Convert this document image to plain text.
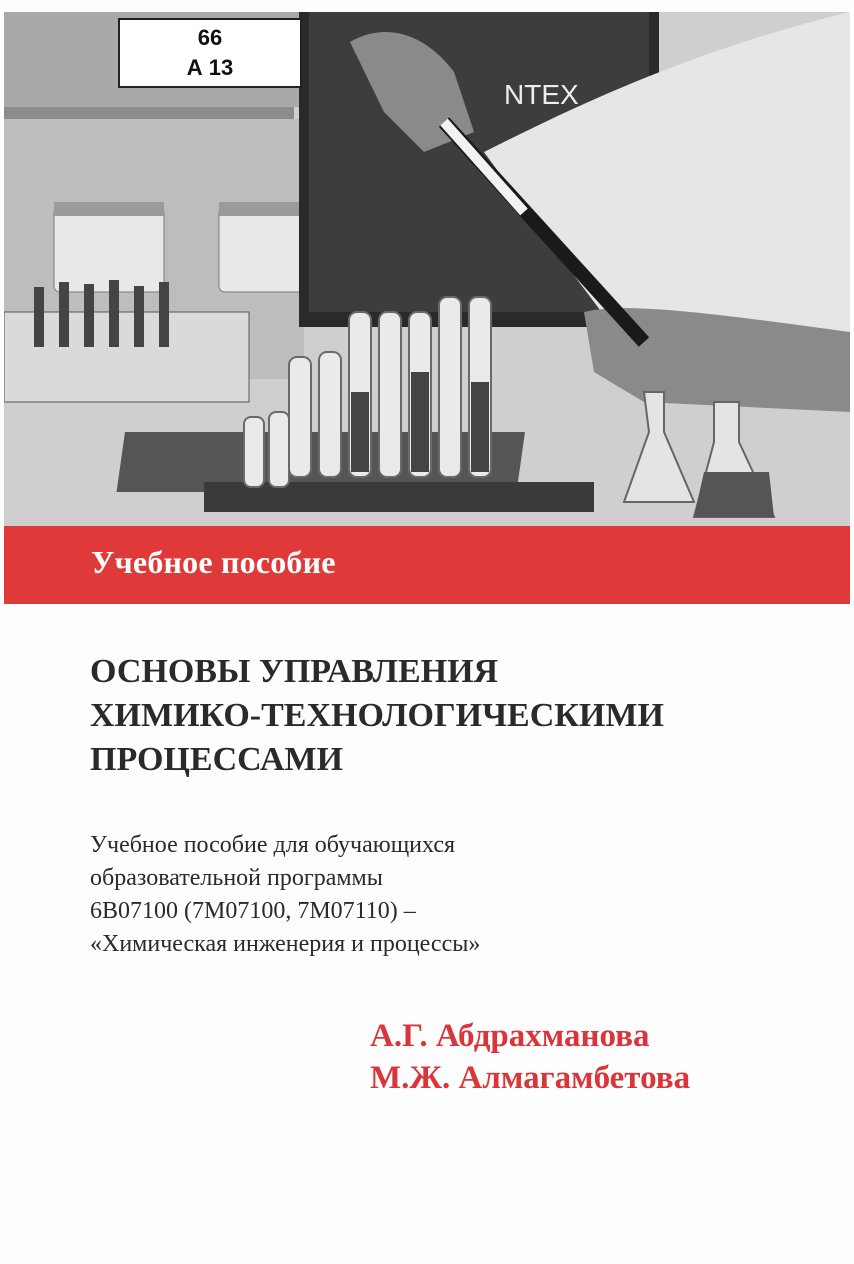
NTEX
66
А 13
Учебное пособие
ОСНОВЫ УПРАВЛЕНИЯ
ХИМИКО-ТЕХНОЛОГИЧЕСКИМИ
ПРОЦЕССАМИ
Учебное пособие для обучающихся
образовательной программы
6В07100 (7М07100, 7М07110) –
«Химическая инженерия и процессы»
А.Г. Абдрахманова
М.Ж. Алмагамбетова
